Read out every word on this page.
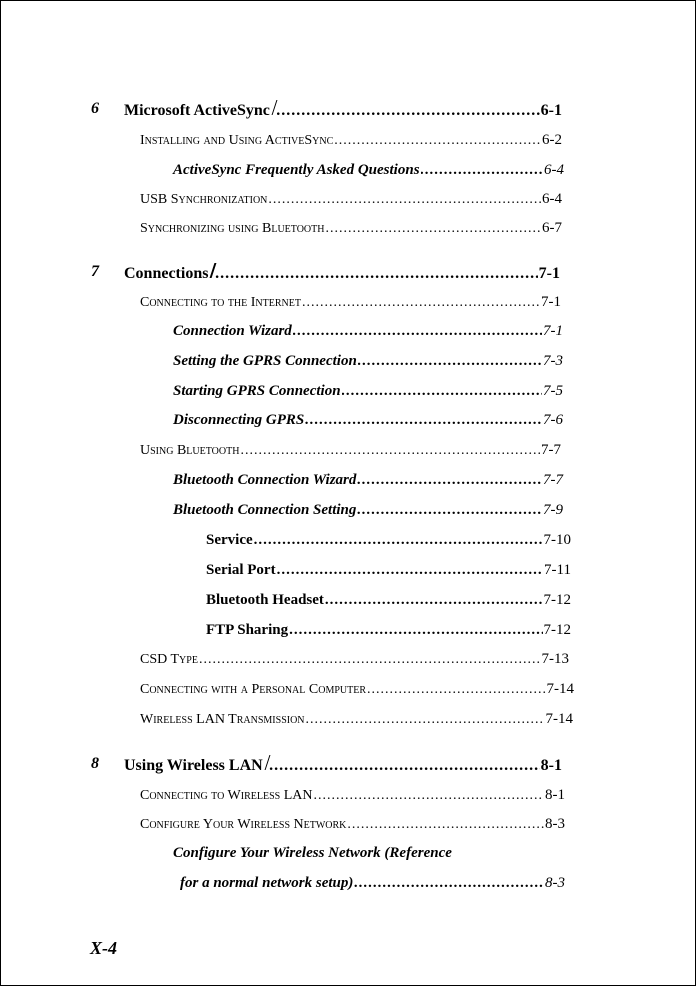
6 Microsoft ActiveSync .....	6-1
Installing and Using ActiveSync .....	6-2
ActiveSync Frequently Asked Questions .....	6-4
USB Synchronization .....	6-4
Synchronizing using Bluetooth .....	6-7
7 Connections .....	7-1
Connecting to the Internet .....	7-1
Connection Wizard .....	7-1
Setting the GPRS Connection .....	7-3
Starting GPRS Connection .....	7-5
Disconnecting GPRS .....	7-6
Using Bluetooth .....	7-7
Bluetooth Connection Wizard .....	7-7
Bluetooth Connection Setting .....	7-9
Service .....	7-10
Serial Port .....	7-11
Bluetooth Headset .....	7-12
FTP Sharing .....	7-12
CSD Type .....	7-13
Connecting with a Personal Computer .....	7-14
Wireless LAN Transmission .....	7-14
8 Using Wireless LAN .....	8-1
Connecting to Wireless LAN .....	8-1
Configure Your Wireless Network .....	8-3
Configure Your Wireless Network (Reference
for a normal network setup) .....	8-3
X-4
